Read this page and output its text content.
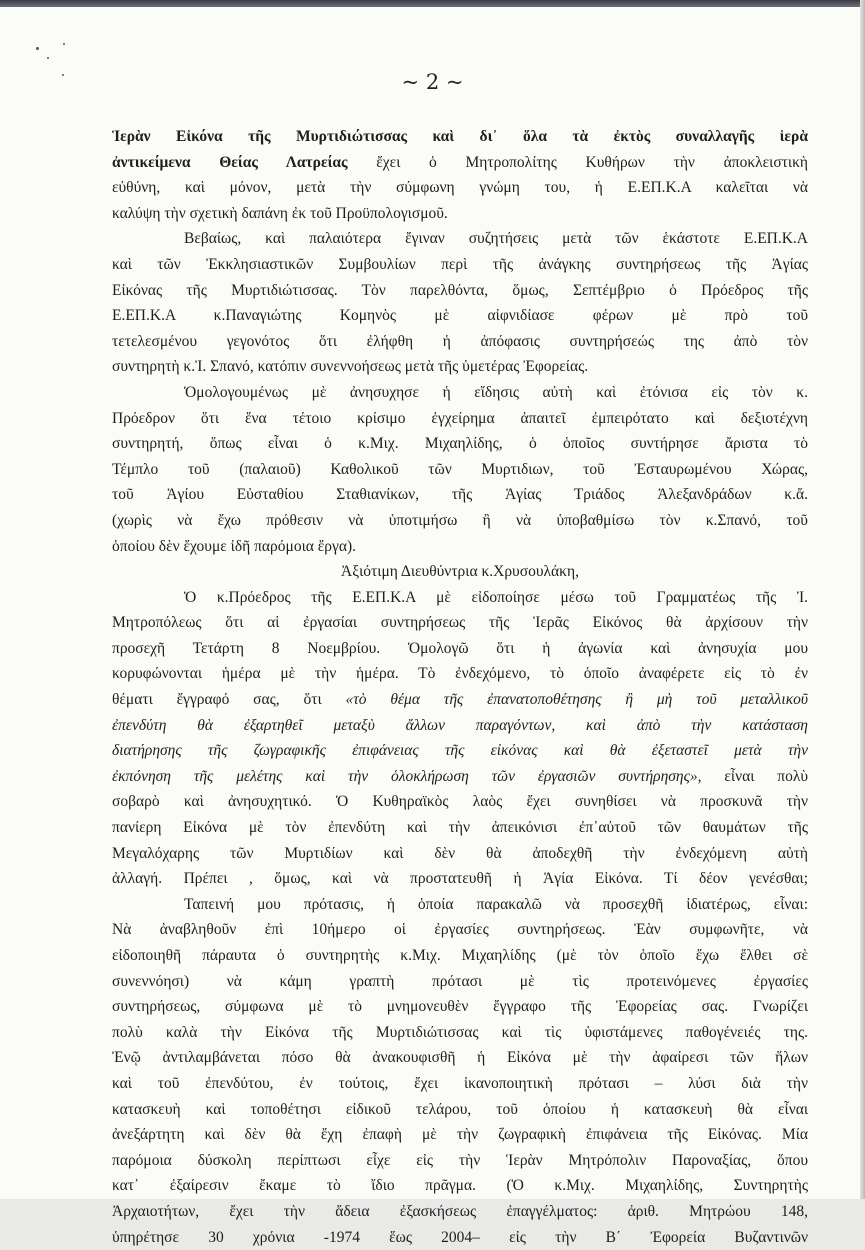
~ 2 ~
Ἱερὰν Εἰκόνα τῆς Μυρτιδιώτισσας καὶ δι᾽ ὅλα τὰ ἐκτὸς συναλλαγῆς ἱερὰ
ἀντικείμενα Θείας Λατρείας ἔχει ὁ Μητροπολίτης Κυθήρων τὴν ἀποκλειστικὴ
εὐθύνη, καὶ μόνον, μετὰ τὴν σύμφωνη γνώμη του, ἡ Ε.ΕΠ.Κ.Α καλεῖται νὰ
καλύψη τὴν σχετικὴ δαπάνη ἐκ τοῦ Προϋπολογισμοῦ.
Βεβαίως, καὶ παλαιότερα ἔγιναν συζητήσεις μετὰ τῶν ἑκάστοτε Ε.ΕΠ.Κ.Α
καὶ τῶν Ἐκκλησιαστικῶν Συμβουλίων περὶ τῆς ἀνάγκης συντηρήσεως τῆς Ἁγίας
Εἰκόνας τῆς Μυρτιδιώτισσας. Τὸν παρελθόντα, ὅμως, Σεπτέμβριο ὁ Πρόεδρος τῆς
Ε.ΕΠ.Κ.Α κ.Παναγιώτης Κομηνὸς μὲ αἰφνιδίασε φέρων μὲ πρὸ τοῦ
τετελεσμένου γεγονότος ὅτι ἐλήφθη ἡ ἀπόφασις συντηρήσεώς της ἀπὸ τὸν
συντηρητὴ κ.Ἰ. Σπανό, κατόπιν συνεννοήσεως μετὰ τῆς ὑμετέρας Ἐφορείας.
Ὁμολογουμένως μὲ ἀνησυχησε ἡ εἴδησις αὐτὴ καὶ ἐτόνισα εἰς τὸν κ.
Πρόεδρον ὅτι ἕνα τέτοιο κρίσιμο ἐγχείρημα ἀπαιτεῖ ἐμπειρότατο καὶ δεξιοτέχνη
συντηρητή, ὅπως εἶναι ὁ κ.Μιχ. Μιχαηλίδης, ὁ ὁποῖος συντήρησε ἄριστα τὸ
Τέμπλο τοῦ (παλαιοῦ) Καθολικοῦ τῶν Μυρτιδιων, τοῦ Ἐσταυρωμένου Χώρας,
τοῦ Ἁγίου Εὐσταθίου Σταθιανίκων, τῆς Ἁγίας Τριάδος Ἀλεξανδράδων κ.ἄ.
(χωρὶς νὰ ἔχω πρόθεσιν νὰ ὑποτιμήσω ἢ νὰ ὑποβαθμίσω τὸν κ.Σπανό, τοῦ
ὁποίου δὲν ἔχουμε ἰδῆ παρόμοια ἔργα).
Ἀξιότιμη Διευθύντρια κ.Χρυσουλάκη,
Ὁ κ.Πρόεδρος τῆς Ε.ΕΠ.Κ.Α μὲ εἰδοποίησε μέσω τοῦ Γραμματέως τῆς Ἰ.
Μητροπόλεως ὅτι αἱ ἐργασίαι συντηρήσεως τῆς Ἱερᾶς Εἰκόνος θὰ ἀρχίσουν τὴν
προσεχῆ Τετάρτη 8 Νοεμβρίου. Ὁμολογῶ ὅτι ἡ ἀγωνία καὶ ἀνησυχία μου
κορυφώνονται ἡμέρα μὲ τὴν ἡμέρα. Τὸ ἐνδεχόμενο, τὸ ὁποῖο ἀναφέρετε εἰς τὸ ἐν
θέματι ἔγγραφό σας, ὅτι «τὸ θέμα τῆς ἐπανατοποθέτησης ἢ μὴ τοῦ μεταλλικοῦ
ἐπενδύτη θὰ ἐξαρτηθεῖ μεταξὺ ἄλλων παραγόντων, καὶ ἀπὸ τὴν κατάσταση
διατήρησης τῆς ζωγραφικῆς ἐπιφάνειας τῆς εἰκόνας καὶ θὰ ἐξεταστεῖ μετὰ τὴν
ἐκπόνηση τῆς μελέτης καὶ τὴν ὁλοκλήρωση τῶν ἐργασιῶν συντήρησης», εἶναι πολὺ
σοβαρὸ καὶ ἀνησυχητικό. Ὁ Κυθηραϊκὸς λαὸς ἔχει συνηθίσει νὰ προσκυνᾶ τὴν
πανίερη Εἰκόνα μὲ τὸν ἐπενδύτη καὶ τὴν ἀπεικόνισι ἐπ᾽αὐτοῦ τῶν θαυμάτων τῆς
Μεγαλόχαρης τῶν Μυρτιδίων καὶ δὲν θὰ ἀποδεχθῆ τὴν ἐνδεχόμενη αὐτὴ
ἀλλαγή. Πρέπει , ὅμως, καὶ νὰ προστατευθῆ ἡ Ἁγία Εἰκόνα. Τί δέον γενέσθαι;
Ταπεινή μου πρότασις, ἡ ὁποία παρακαλῶ νὰ προσεχθῆ ἰδιατέρως, εἶναι:
Νὰ ἀναβληθοῦν ἐπὶ 10ήμερο οἱ ἐργασίες συντηρήσεως. Ἐὰν συμφωνῆτε, νὰ
εἰδοποιηθῆ πάραυτα ὁ συντηρητὴς κ.Μιχ. Μιχαηλίδης (μὲ τὸν ὁποῖο ἔχω ἔλθει σὲ
συνεννόησι) νὰ κάμη γραπτὴ πρότασι μὲ τὶς προτεινόμενες ἐργασίες
συντηρήσεως, σύμφωνα μὲ τὸ μνημονευθὲν ἔγγραφο τῆς Ἐφορείας σας. Γνωρίζει
πολὺ καλὰ τὴν Εἰκόνα τῆς Μυρτιδιώτισσας καὶ τὶς ὑφιστάμενες παθογένειές της.
Ἐνῷ ἀντιλαμβάνεται πόσο θὰ ἀνακουφισθῆ ἡ Εἰκόνα μὲ τὴν ἀφαίρεσι τῶν ἥλων
καὶ τοῦ ἐπενδύτου, ἐν τούτοις, ἔχει ἱκανοποιητικὴ πρότασι – λύσι διὰ τὴν
κατασκευὴ καὶ τοποθέτησι εἰδικοῦ τελάρου, τοῦ ὁποίου ἡ κατασκευὴ θὰ εἶναι
ἀνεξάρτητη καὶ δὲν θὰ ἔχη ἐπαφὴ μὲ τὴν ζωγραφικὴ ἐπιφάνεια τῆς Εἰκόνας. Μία
παρόμοια δύσκολη περίπτωσι εἶχε εἰς τὴν Ἱερὰν Μητρόπολιν Παροναξίας, ὅπου
κατ᾽ ἐξαίρεσιν ἔκαμε τὸ ἴδιο πρᾶγμα. (Ὁ κ.Μιχ. Μιχαηλίδης, Συντηρητὴς
Ἀρχαιοτήτων, ἔχει τὴν ἄδεια ἐξασκήσεως ἐπαγγέλματος: ἀριθ. Μητρώου 148,
ὑπηρέτησε 30 χρόνια -1974 ἕως 2004– εἰς τὴν Β΄ Ἐφορεία Βυζαντινῶν
